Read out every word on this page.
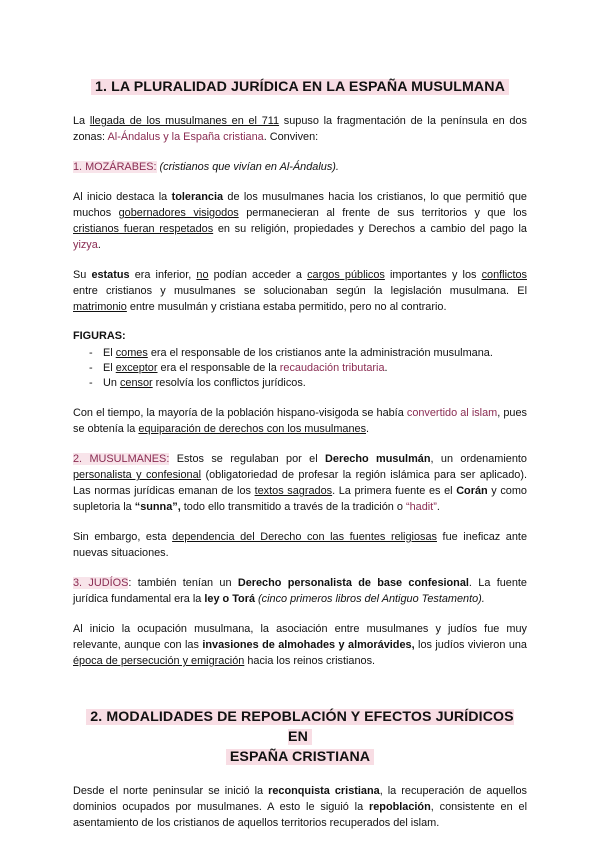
1. LA PLURALIDAD JURÍDICA EN LA ESPAÑA MUSULMANA

La llegada de los musulmanes en el 711 supuso la fragmentación de la península en dos zonas: Al-Ándalus y la España cristiana. Conviven:

1. MOZÁRABES: (cristianos que vivían en Al-Ándalus).

Al inicio destaca la tolerancia de los musulmanes hacia los cristianos, lo que permitió que muchos gobernadores visigodos permanecieran al frente de sus territorios y que los cristianos fueran respetados en su religión, propiedades y Derechos a cambio del pago la yizya.

Su estatus era inferior, no podían acceder a cargos públicos importantes y los conflictos entre cristianos y musulmanes se solucionaban según la legislación musulmana. El matrimonio entre musulmán y cristiana estaba permitido, pero no al contrario.

FIGURAS:
- El comes era el responsable de los cristianos ante la administración musulmana.
- El exceptor era el responsable de la recaudación tributaria.
- Un censor resolvía los conflictos jurídicos.

Con el tiempo, la mayoría de la población hispano-visigoda se había convertido al islam, pues se obtenía la equiparación de derechos con los musulmanes.

2. MUSULMANES: Estos se regulaban por el Derecho musulmán, un ordenamiento personalista y confesional (obligatoriedad de profesar la región islámica para ser aplicado). Las normas jurídicas emanan de los textos sagrados. La primera fuente es el Corán y como supletoria la “sunna”, todo ello transmitido a través de la tradición o “hadit”.

Sin embargo, esta dependencia del Derecho con las fuentes religiosas fue ineficaz ante nuevas situaciones.

3. JUDÍOS: también tenían un Derecho personalista de base confesional. La fuente jurídica fundamental era la ley o Torá (cinco primeros libros del Antiguo Testamento).

Al inicio la ocupación musulmana, la asociación entre musulmanes y judíos fue muy relevante, aunque con las invasiones de almohades y almorávides, los judíos vivieron una época de persecución y emigración hacia los reinos cristianos.

2. MODALIDADES DE REPOBLACIÓN Y EFECTOS JURÍDICOS EN
ESPAÑA CRISTIANA

Desde el norte peninsular se inició la reconquista cristiana, la recuperación de aquellos dominios ocupados por musulmanes. A esto le siguió la repoblación, consistente en el asentamiento de los cristianos de aquellos territorios recuperados del islam.
